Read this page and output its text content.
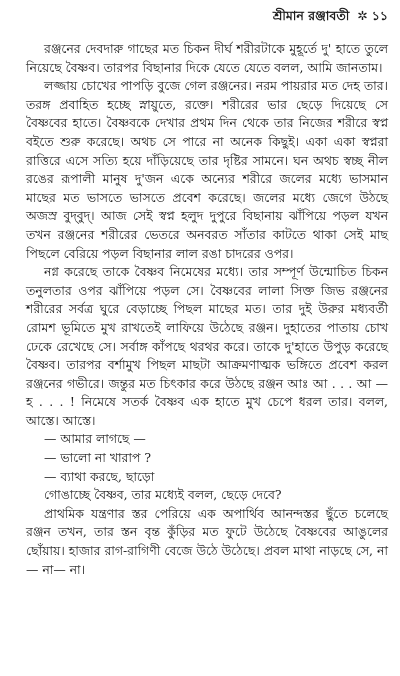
শ্রীমান রঞ্জাবতী ✲ ১১

রঞ্জনের দেবদারু গাছের মত চিকন দীর্ঘ শরীরটাকে মুহূর্তে দু' হাতে তুলে নিয়েছে বৈষ্ণব। তারপর বিছানার দিকে যেতে যেতে বলল, আমি জানতাম।

লজ্জায় চোখের পাপড়ি বুজে গেল রঞ্জনের। নরম পায়রার মত দেহ তার। তরঙ্গ প্রবাহিত হচ্ছে স্নায়ুতে, রক্তে। শরীরের ভার ছেড়ে দিয়েছে সে বৈষ্ণবের হাতে। বৈষ্ণবকে দেখার প্রথম দিন থেকে তার নিজের শরীরে স্বপ্ন বইতে শুরু করেছে। অথচ সে পারে না অনেক কিছুই। একা একা স্বপ্নরা রাত্তিরে এসে সত্যি হয়ে দাঁড়িয়েছে তার দৃষ্টির সামনে। ঘন অথচ স্বচ্ছ নীল রঙের রূপালী মানুষ দু'জন একে অন্যের শরীরে জলের মধ্যে ভাসমান মাছের মত ভাসতে ভাসতে প্রবেশ করেছে। জলের মধ্যে জেগে উঠছে অজস্র বুদ্‌বুদ্। আজ সেই স্বপ্ন হলুদ দুপুরে বিছানায় ঝাঁপিয়ে পড়ল যখন তখন রঞ্জনের শরীরের ভেতরে অনবরত সাঁতার কাটতে থাকা সেই মাছ পিছলে বেরিয়ে পড়ল বিছানার লাল রঙা চাদরের ওপর।

নগ্ন করেছে তাকে বৈষ্ণব নিমেষের মধ্যে। তার সম্পূর্ণ উন্মোচিত চিকন তনুলতার ওপর ঝাঁপিয়ে পড়ল সে। বৈষ্ণবের লালা সিক্ত জিভ রঞ্জনের শরীরের সর্বত্র ঘুরে বেড়াচ্ছে পিছল মাছের মত। তার দুই উরুর মধ্যবর্তী রোমশ ভূমিতে মুখ রাখতেই লাফিয়ে উঠেছে রঞ্জন। দুহাতের পাতায় চোখ ঢেকে রেখেছে সে। সর্বাঙ্গ কাঁপছে থরথর করে। তাকে দু'হাতে উপুড় করেছে বৈষ্ণব। তারপর বর্শামুখ পিছল মাছটা আক্রমণাত্মক ভঙ্গিতে প্রবেশ করল রঞ্জনের গভীরে। জন্তুর মত চিৎকার করে উঠছে রঞ্জন আঃ আ . . . আ — হ . . . ! নিমেষে সতর্ক বৈষ্ণব এক হাতে মুখ চেপে ধরল তার। বলল, আস্তে। আস্তে।

— আমার লাগছে —

— ভালো না খারাপ ?

— ব্যাথা করছে, ছাড়ো

গোঙাচ্ছে বৈষ্ণব, তার মধ্যেই বলল, ছেড়ে দেবে?

প্রাথমিক যন্ত্রণার স্তর পেরিয়ে এক অপার্থিব আনন্দস্তর ছুঁতে চলেছে রঞ্জন তখন, তার স্তন বৃন্ত কুঁড়ির মত ফুটে উঠেছে বৈষ্ণবের আঙুলের ছোঁয়ায়। হাজার রাগ-রাগিণী বেজে উঠে উঠেছে। প্রবল মাথা নাড়ছে সে, না— না— না।
